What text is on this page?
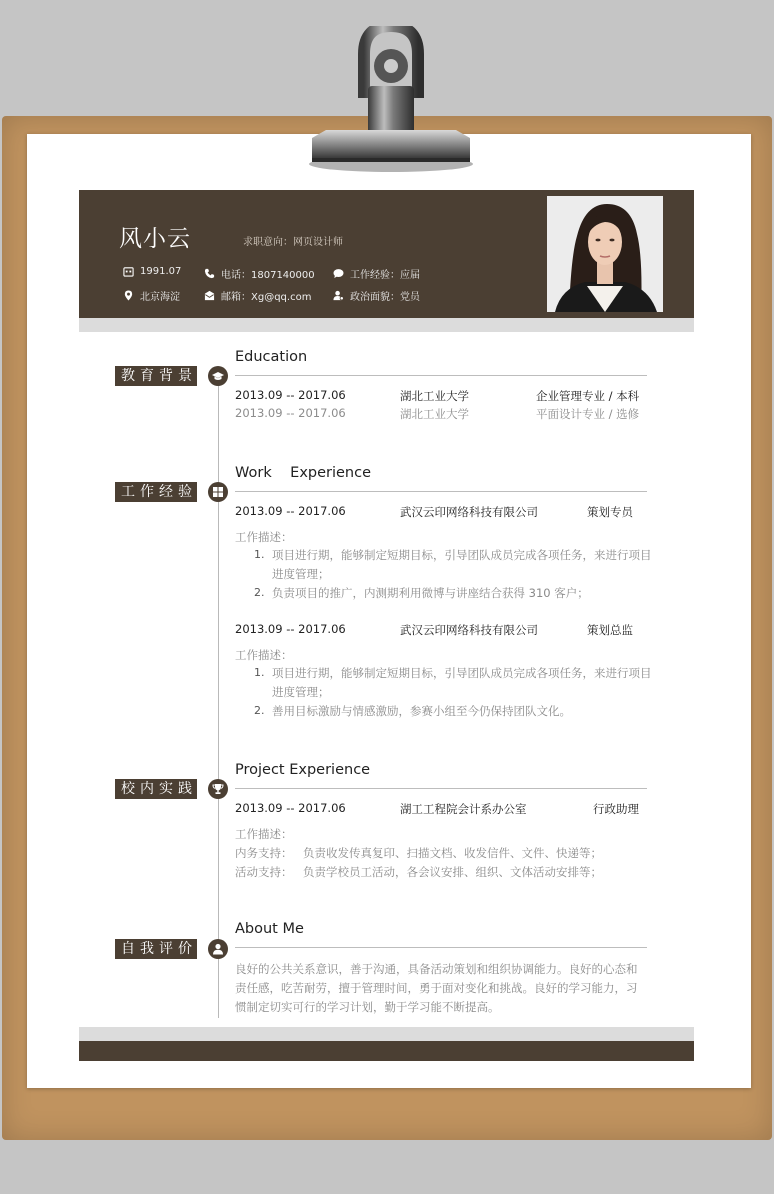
风小云	求职意向：网页设计师
1991.07	电话：1807140000	工作经验：应届
北京海淀	邮箱：Xg@qq.com	政治面貌：党员
教育背景
Education
2013.09 -- 2017.06	湖北工业大学	企业管理专业 / 本科
2013.09 -- 2017.06	湖北工业大学	平面设计专业 / 选修
工作经验
Work    Experience
2013.09 -- 2017.06	武汉云印网络科技有限公司	策划专员
工作描述：
1. 项目进行期，能够制定短期目标，引导团队成员完成各项任务，来进行项目
进度管理；
2. 负责项目的推广，内测期利用微博与讲座结合获得 310 客户；
2013.09 -- 2017.06	武汉云印网络科技有限公司	策划总监
工作描述：
1. 项目进行期，能够制定短期目标，引导团队成员完成各项任务，来进行项目
进度管理；
2. 善用目标激励与情感激励，参赛小组至今仍保持团队文化。
校内实践
Project Experience
2013.09 -- 2017.06	湖工工程院会计系办公室	行政助理
工作描述：
内务支持： 负责收发传真复印、扫描文档、收发信件、文件、快递等；
活动支持： 负责学校员工活动，各会议安排、组织、文体活动安排等；
自我评价
About Me
良好的公共关系意识，善于沟通，具备活动策划和组织协调能力。良好的心态和责任感，吃苦耐劳，擅于管理时间，勇于面对变化和挑战。良好的学习能力，习惯制定切实可行的学习计划，勤于学习能不断提高。
